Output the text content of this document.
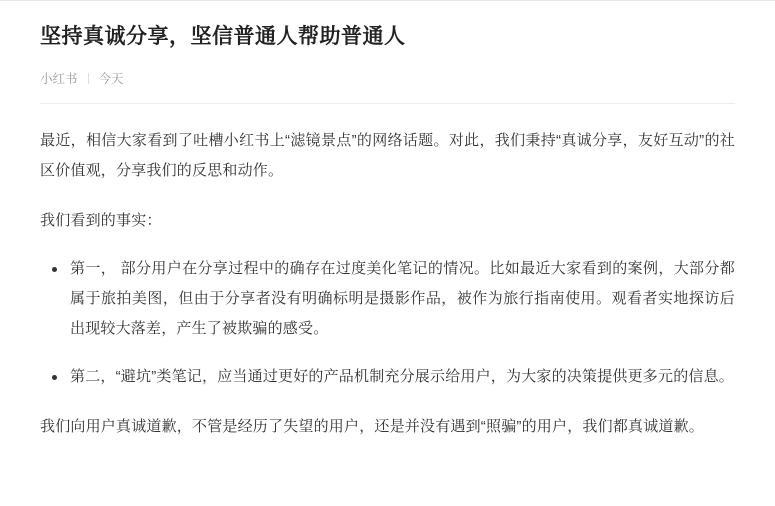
坚持真诚分享，坚信普通人帮助普通人
小红书 今天

最近，相信大家看到了吐槽小红书上“滤镜景点”的网络话题。对此，我们秉持“真诚分享，友好互动”的社区价值观，分享我们的反思和动作。

我们看到的事实：

第一， 部分用户在分享过程中的确存在过度美化笔记的情况。比如最近大家看到的案例，大部分都属于旅拍美图，但由于分享者没有明确标明是摄影作品，被作为旅行指南使用。观看者实地探访后出现较大落差，产生了被欺骗的感受。
第二，“避坑”类笔记，应当通过更好的产品机制充分展示给用户，为大家的决策提供更多元的信息。

我们向用户真诚道歉，不管是经历了失望的用户，还是并没有遇到“照骗”的用户，我们都真诚道歉。
